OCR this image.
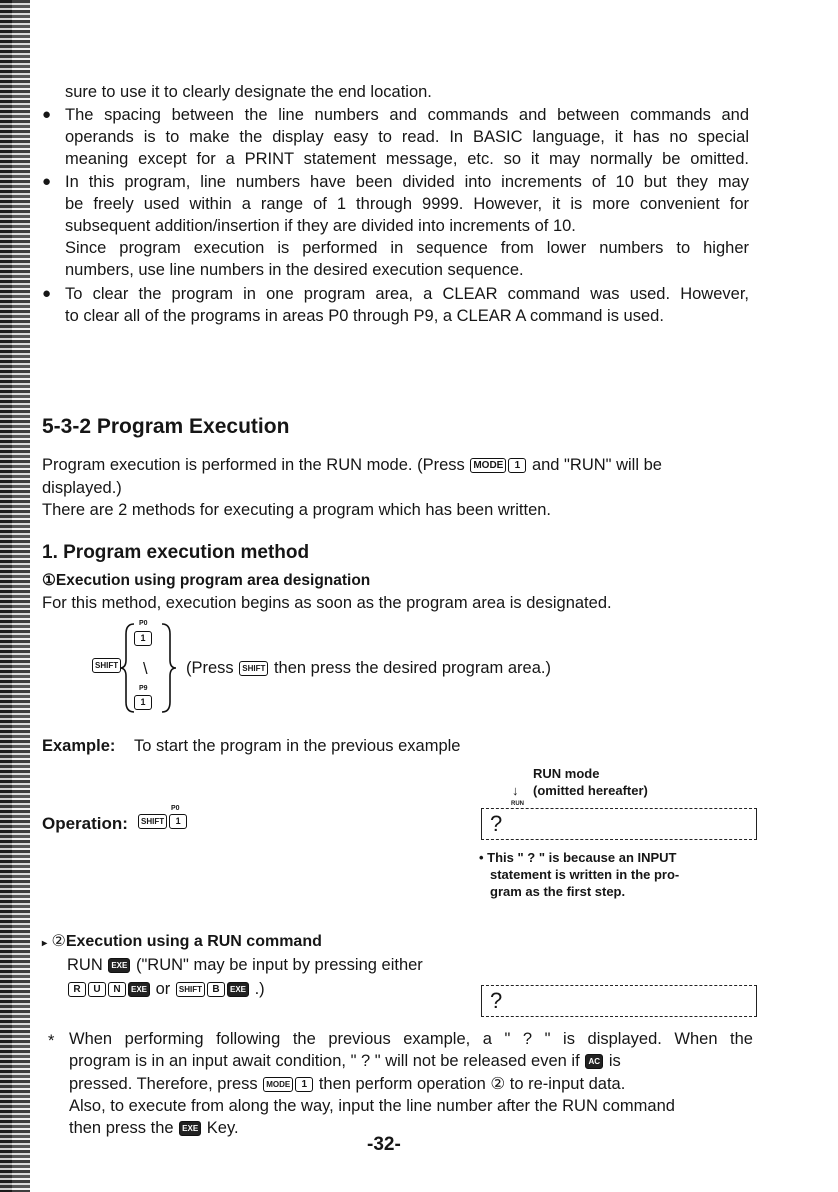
sure to use it to clearly designate the end location.
● The spacing between the line numbers and commands and between commands and
operands is to make the display easy to read. In BASIC language, it has no special
meaning except for a PRINT statement message, etc. so it may normally be omitted.
● In this program, line numbers have been divided into increments of 10 but they may
be freely used within a range of 1 through 9999. However, it is more convenient for
subsequent addition/insertion if they are divided into increments of 10.
Since program execution is performed in sequence from lower numbers to higher
numbers, use line numbers in the desired execution sequence.
● To clear the program in one program area, a CLEAR command was used. However,
to clear all of the programs in areas P0 through P9, a CLEAR A command is used.
5-3-2 Program Execution
Program execution is performed in the RUN mode. (Press MODE 1 and "RUN" will be
displayed.)
There are 2 methods for executing a program which has been written.
1. Program execution method
①Execution using program area designation
For this method, execution begins as soon as the program area is designated.
SHIFT
P0
1
\
P9
1
(Press SHIFT then press the desired program area.)
Example: To start the program in the previous example
RUN mode
↓ (omitted hereafter)
RUN
Operation:	SHIFT 1
P0
?
• This " ? " is because an INPUT
statement is written in the pro-
gram as the first step.
▸ ②Execution using a RUN command
RUN EXE ("RUN" may be input by pressing either
R U N EXE or SHIFT B EXE .)	?
* When performing following the previous example, a " ? " is displayed. When the
program is in an input await condition, " ? " will not be released even if AC is
pressed. Therefore, press MODE 1 then perform operation ② to re-input data.
Also, to execute from along the way, input the line number after the RUN command
then press the EXE Key.
-32-
